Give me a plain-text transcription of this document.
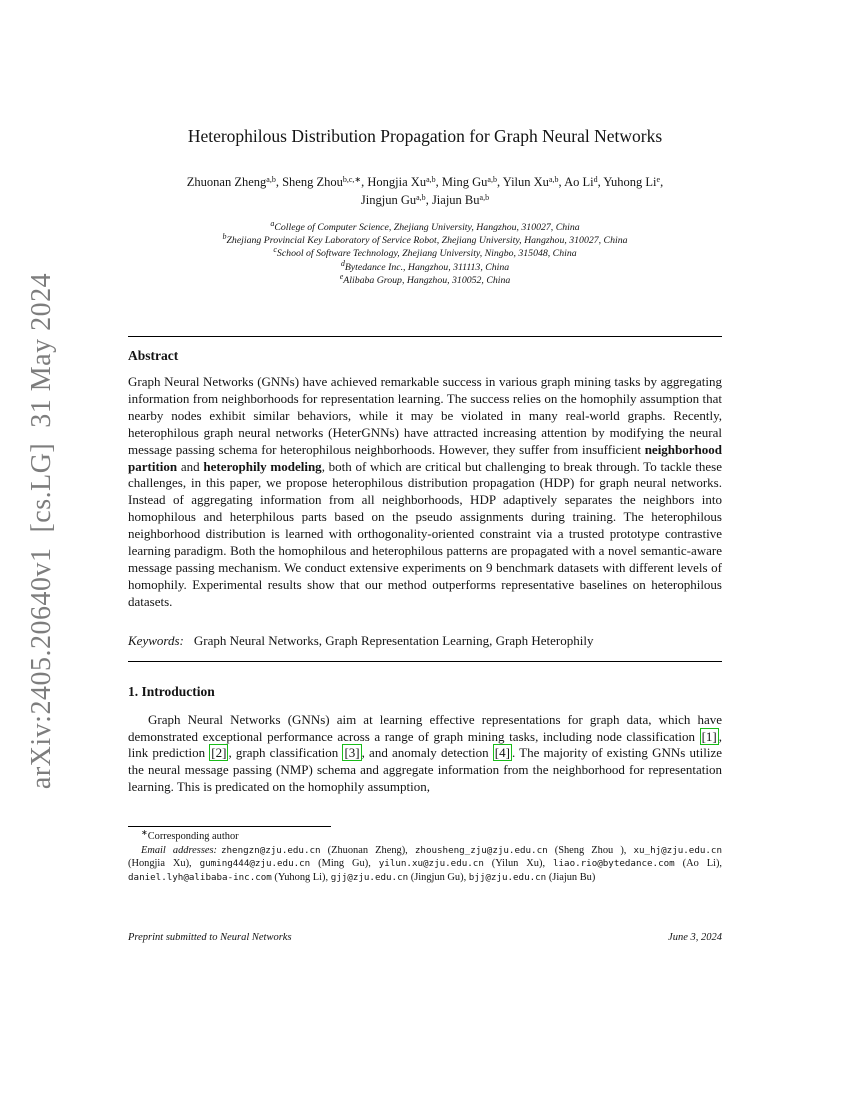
arXiv:2405.20640v1  [cs.LG]  31 May 2024
Heterophilous Distribution Propagation for Graph Neural Networks
Zhuonan Zheng$^{a,b}$, Sheng Zhou$^{b,c,∗}$, Hongjia Xu$^{a,b}$, Ming Gu$^{a,b}$, Yilun Xu$^{a,b}$, Ao Li$^d$, Yuhong Li$^e$,
Jingjun Gu$^{a,b}$, Jiajun Bu$^{a,b}$
$^a$College of Computer Science, Zhejiang University, Hangzhou, 310027, China
$^b$Zhejiang Provincial Key Laboratory of Service Robot, Zhejiang University, Hangzhou, 310027, China
$^c$School of Software Technology, Zhejiang University, Ningbo, 315048, China
$^d$Bytedance Inc., Hangzhou, 311113, China
$^e$Alibaba Group, Hangzhou, 310052, China
Abstract
Graph Neural Networks (GNNs) have achieved remarkable success in various graph mining tasks by aggregating information from neighborhoods for representation learning. The success relies on the homophily assumption that nearby nodes exhibit similar behaviors, while it may be violated in many real-world graphs. Recently, heterophilous graph neural networks (HeterGNNs) have attracted increasing attention by modifying the neural message passing schema for heterophilous neighborhoods. However, they suffer from insufficient neighborhood partition and heterophily modeling, both of which are critical but challenging to break through. To tackle these challenges, in this paper, we propose heterophilous distribution propagation (HDP) for graph neural networks. Instead of aggregating information from all neighborhoods, HDP adaptively separates the neighbors into homophilous and heterphilous parts based on the pseudo assignments during training. The heterophilous neighborhood distribution is learned with orthogonality-oriented constraint via a trusted prototype contrastive learning paradigm. Both the homophilous and heterophilous patterns are propagated with a novel semantic-aware message passing mechanism. We conduct extensive experiments on 9 benchmark datasets with different levels of homophily. Experimental results show that our method outperforms representative baselines on heterophilous datasets.
Keywords: Graph Neural Networks, Graph Representation Learning, Graph Heterophily
1. Introduction
Graph Neural Networks (GNNs) aim at learning effective representations for graph data, which have demonstrated exceptional performance across a range of graph mining tasks, including node classification [1] , link prediction [2] , graph classification [3] , and anomaly detection [4] . The majority of existing GNNs utilize the neural message passing (NMP) schema and aggregate information from the neighborhood for representation learning. This is predicated on the homophily assumption,
∗Corresponding author
Email addresses: zhengzn@zju.edu.cn (Zhuonan Zheng), zhousheng_zju@zju.edu.cn (Sheng Zhou ), xu_hj@zju.edu.cn (Hongjia Xu), guming444@zju.edu.cn (Ming Gu), yilun.xu@zju.edu.cn (Yilun Xu), liao.rio@bytedance.com (Ao Li), daniel.lyh@alibaba-inc.com (Yuhong Li), gjj@zju.edu.cn (Jingjun Gu), bjj@zju.edu.cn (Jiajun Bu)
Preprint submitted to Neural Networks	June 3, 2024
